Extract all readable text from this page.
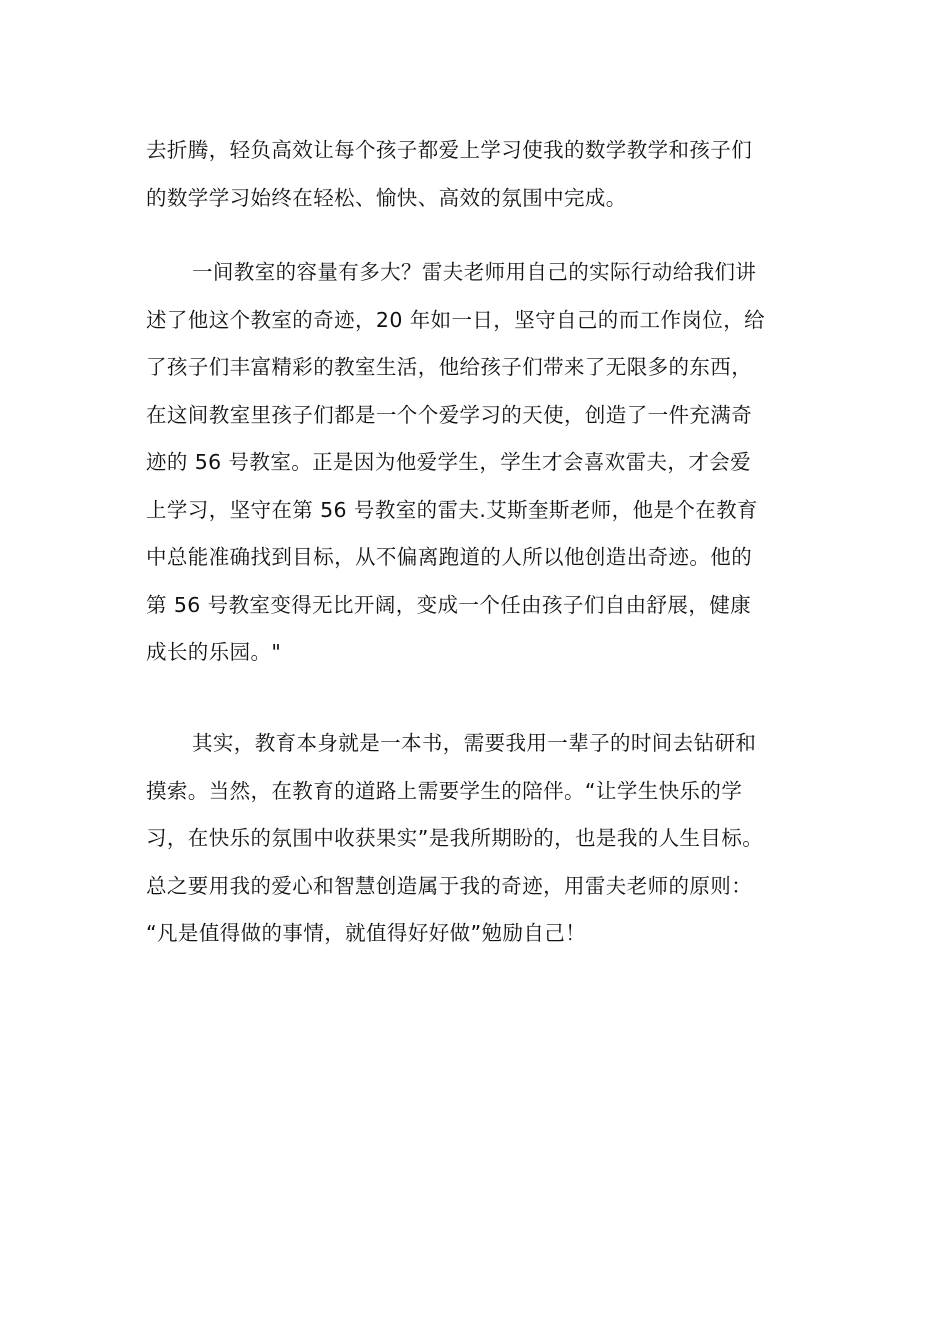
去折腾，轻负高效让每个孩子都爱上学习使我的数学教学和孩子们
的数学学习始终在轻松、愉快、高效的氛围中完成。
一间教室的容量有多大？雷夫老师用自己的实际行动给我们讲
述了他这个教室的奇迹，20 年如一日，坚守自己的而工作岗位，给
了孩子们丰富精彩的教室生活，他给孩子们带来了无限多的东西，
在这间教室里孩子们都是一个个爱学习的天使，创造了一件充满奇
迹的 56 号教室。正是因为他爱学生，学生才会喜欢雷夫，才会爱
上学习，坚守在第 56 号教室的雷夫.艾斯奎斯老师，他是个在教育
中总能准确找到目标，从不偏离跑道的人所以他创造出奇迹。他的
第 56 号教室变得无比开阔，变成一个任由孩子们自由舒展，健康
成长的乐园。"
其实，教育本身就是一本书，需要我用一辈子的时间去钻研和
摸索。当然，在教育的道路上需要学生的陪伴。“让学生快乐的学
习，在快乐的氛围中收获果实”是我所期盼的，也是我的人生目标。
总之要用我的爱心和智慧创造属于我的奇迹，用雷夫老师的原则：
“凡是值得做的事情，就值得好好做”勉励自己！
